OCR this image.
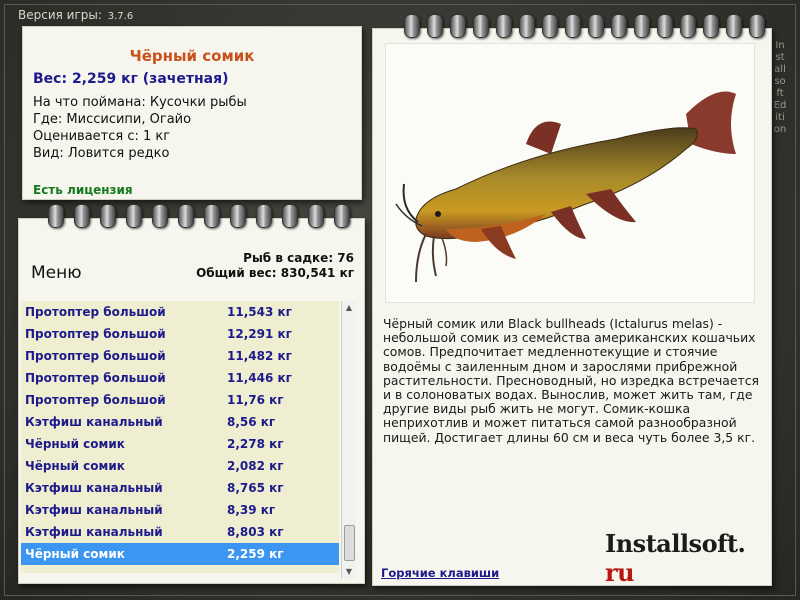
Версия игры: 3.7.6
Installsoft Edition
Чёрный сомик
Вес: 2,259 кг (зачетная)
На что поймана: Кусочки рыбы
Где: Миссисипи, Огайо
Оценивается с: 1 кг
Вид: Ловится редко
Есть лицензия
Меню
Рыб в садке: 76
Общий вес: 830,541 кг
Протоптер большой	11,543 кг
Протоптер большой	12,291 кг
Протоптер большой	11,482 кг
Протоптер большой	11,446 кг
Протоптер большой	11,76 кг
Кэтфиш канальный	8,56 кг
Чёрный сомик	2,278 кг
Чёрный сомик	2,082 кг
Кэтфиш канальный	8,765 кг
Кэтфиш канальный	8,39 кг
Кэтфиш канальный	8,803 кг
Чёрный сомик	2,259 кг
▲
▼
Чёрный сомик или Black bullheads (Ictalurus melas) - небольшой сомик из семейства американских кошачьих сомов. Предпочитает медленнотекущие и стоячие водоёмы с заиленным дном и зарослями прибрежной растительности. Пресноводный, но изредка встречается и в солоноватых водах. Вынослив, может жить там, где другие виды рыб жить не могут. Сомик-кошка неприхотлив и может питаться самой разнообразной пищей. Достигает длины 60 см и веса чуть более 3,5 кг.
Installsoft. ru
Горячие клавиши
